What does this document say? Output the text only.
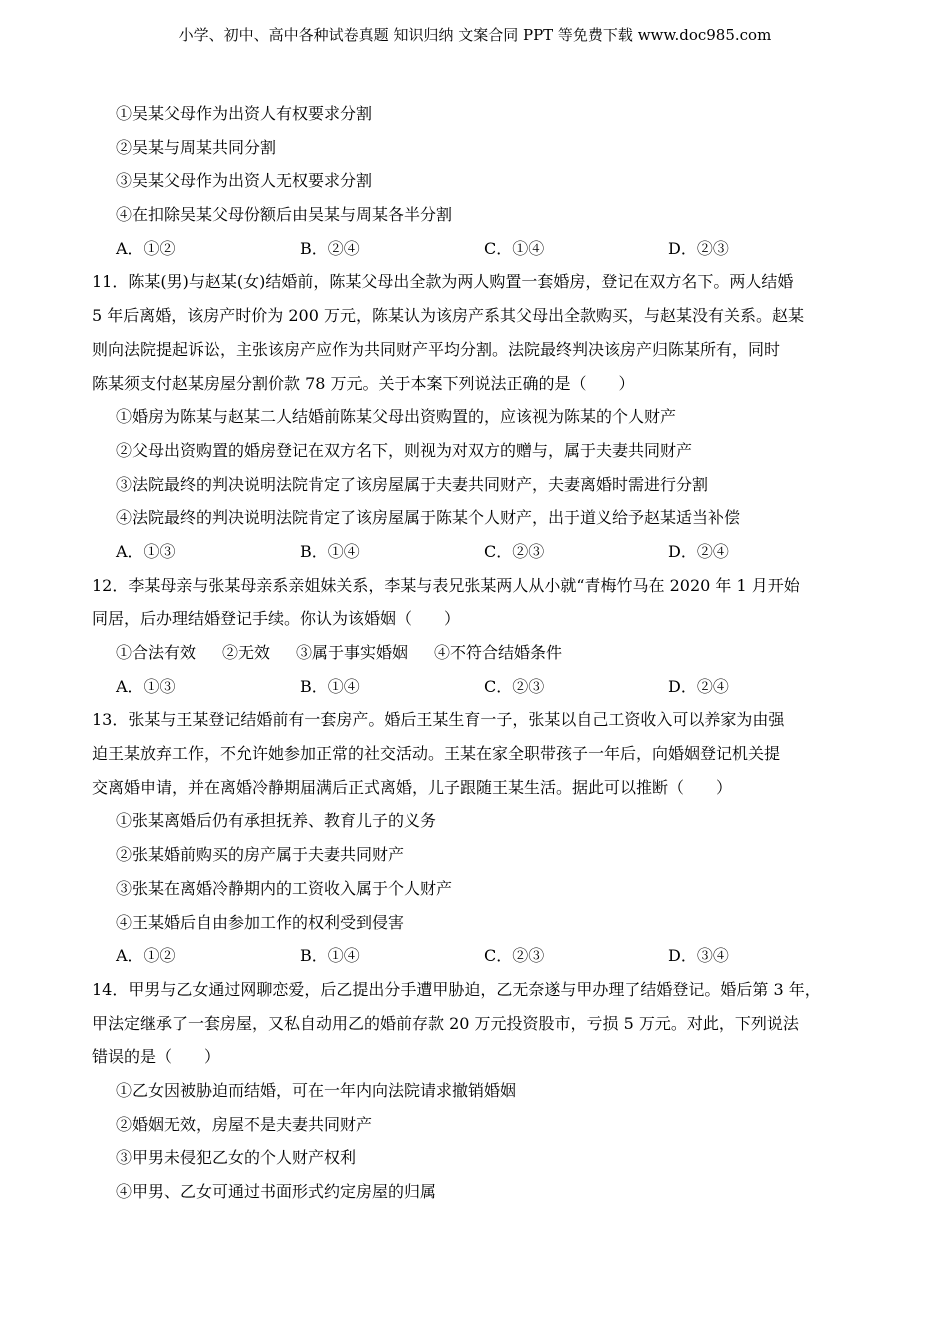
小学、初中、高中各种试卷真题 知识归纳 文案合同 PPT 等免费下载 www.doc985.com
①吴某父母作为出资人有权要求分割
②吴某与周某共同分割
③吴某父母作为出资人无权要求分割
④在扣除吴某父母份额后由吴某与周某各半分割
A．①②	B．②④	C．①④	D．②③
11．陈某(男)与赵某(女)结婚前，陈某父母出全款为两人购置一套婚房，登记在双方名下。两人结婚
5 年后离婚，该房产时价为 200 万元，陈某认为该房产系其父母出全款购买，与赵某没有关系。赵某
则向法院提起诉讼，主张该房产应作为共同财产平均分割。法院最终判决该房产归陈某所有，同时
陈某须支付赵某房屋分割价款 78 万元。关于本案下列说法正确的是（　　）
①婚房为陈某与赵某二人结婚前陈某父母出资购置的，应该视为陈某的个人财产
②父母出资购置的婚房登记在双方名下，则视为对双方的赠与，属于夫妻共同财产
③法院最终的判决说明法院肯定了该房屋属于夫妻共同财产，夫妻离婚时需进行分割
④法院最终的判决说明法院肯定了该房屋属于陈某个人财产，出于道义给予赵某适当补偿
A．①③	B．①④	C．②③	D．②④
12．李某母亲与张某母亲系亲姐妹关系，李某与表兄张某两人从小就“青梅竹马在 2020 年 1 月开始
同居，后办理结婚登记手续。你认为该婚姻（　　）
①合法有效 ②无效 ③属于事实婚姻 ④不符合结婚条件
A．①③	B．①④	C．②③	D．②④
13．张某与王某登记结婚前有一套房产。婚后王某生育一子，张某以自己工资收入可以养家为由强
迫王某放弃工作，不允许她参加正常的社交活动。王某在家全职带孩子一年后，向婚姻登记机关提
交离婚申请，并在离婚冷静期届满后正式离婚，儿子跟随王某生活。据此可以推断（　　）
①张某离婚后仍有承担抚养、教育儿子的义务
②张某婚前购买的房产属于夫妻共同财产
③张某在离婚冷静期内的工资收入属于个人财产
④王某婚后自由参加工作的权利受到侵害
A．①②	B．①④	C．②③	D．③④
14．甲男与乙女通过网聊恋爱，后乙提出分手遭甲胁迫，乙无奈遂与甲办理了结婚登记。婚后第 3 年，
甲法定继承了一套房屋，又私自动用乙的婚前存款 20 万元投资股市，亏损 5 万元。对此，下列说法
错误的是（　　）
①乙女因被胁迫而结婚，可在一年内向法院请求撤销婚姻
②婚姻无效，房屋不是夫妻共同财产
③甲男未侵犯乙女的个人财产权利
④甲男、乙女可通过书面形式约定房屋的归属
